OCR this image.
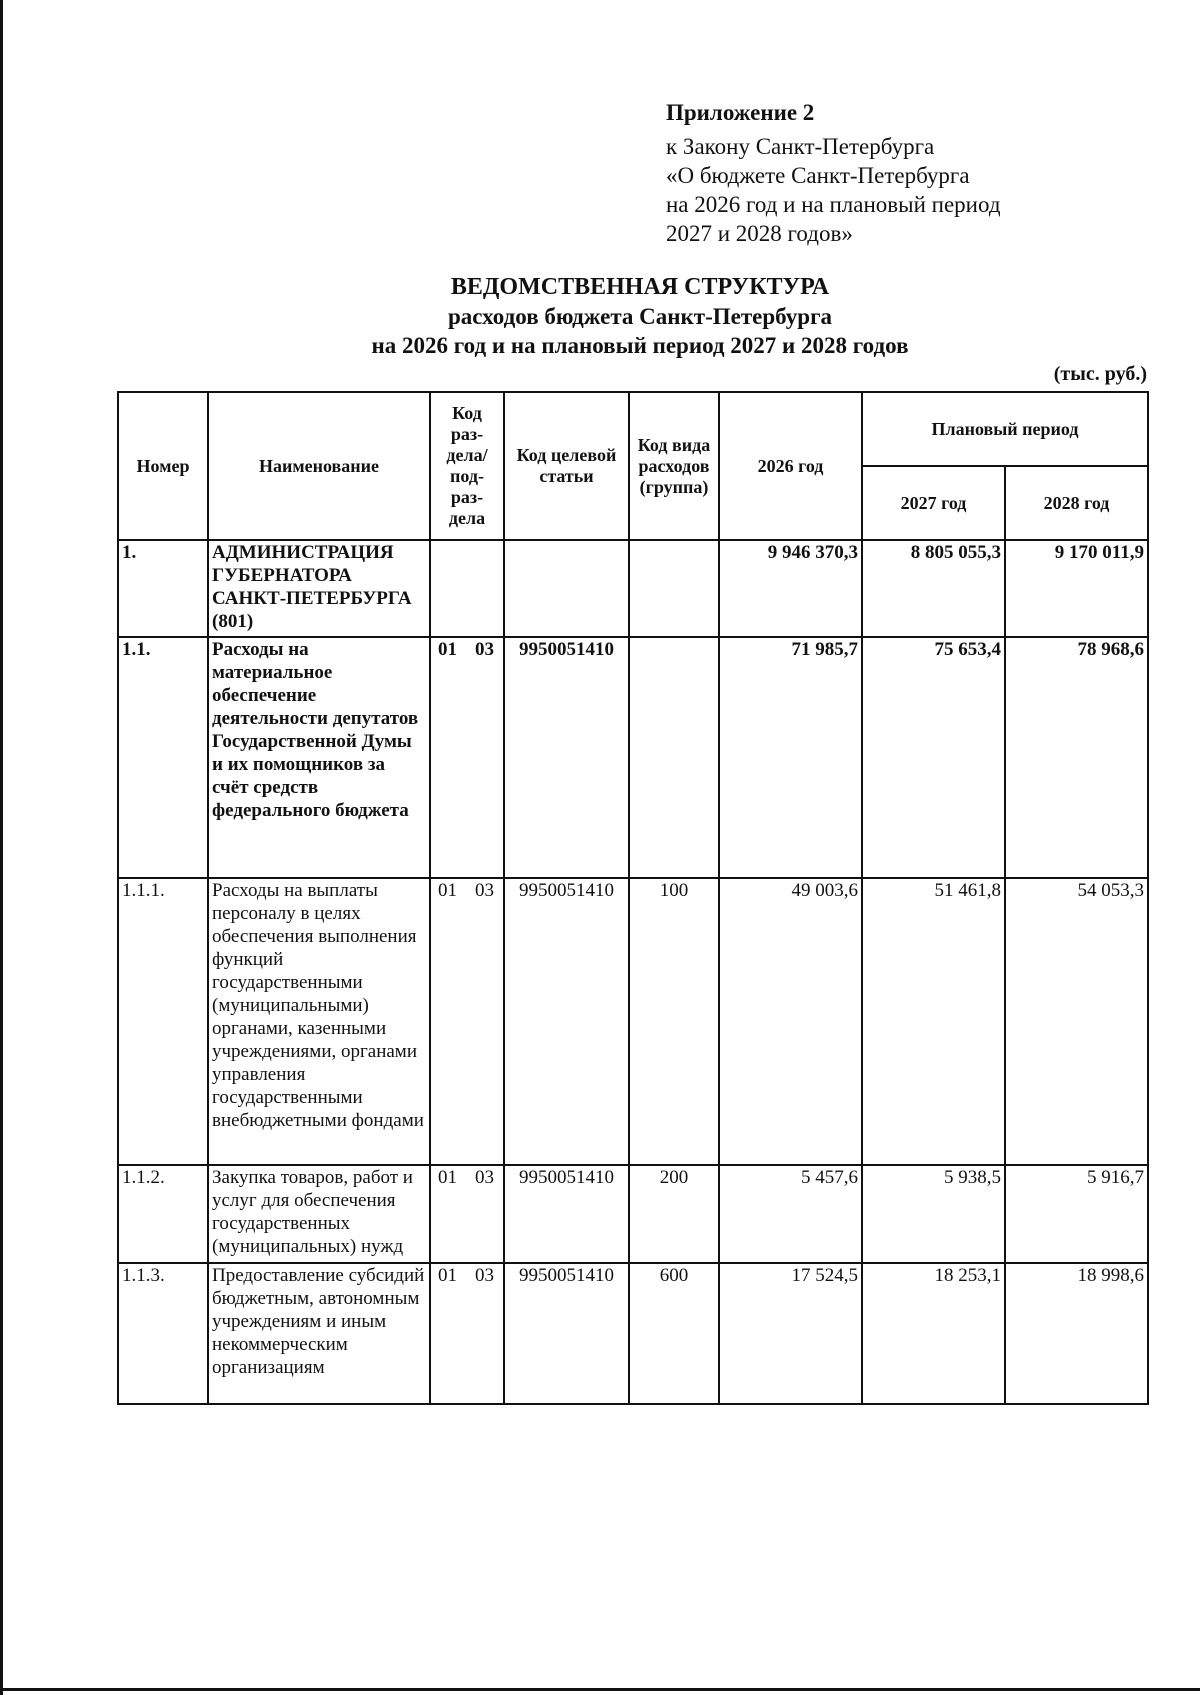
Приложение 2
к Закону Санкт-Петербурга
«О бюджете Санкт-Петербурга
на 2026 год и на плановый период
2027 и 2028 годов»
ВЕДОМСТВЕННАЯ СТРУКТУРА
расходов бюджета Санкт-Петербурга
на 2026 год и на плановый период 2027 и 2028 годов
(тыс. руб.)
Номер	Наименование	Код раз- дела/ под- раз- дела	Код целевой статьи	Код вида расходов (группа)	2026 год	Плановый период	
						2027 год	2028 год
1.	АДМИНИСТРАЦИЯ ГУБЕРНАТОРА САНКТ-ПЕТЕРБУРГА (801)				9 946 370,3	8 805 055,3	9 170 011,9
1.1.	Расходы на материальное обеспечение деятельности депутатов Государственной Думы и их помощников за счёт средств федерального бюджета	01 03	9950051410		71 985,7	75 653,4	78 968,6
1.1.1.	Расходы на выплаты персоналу в целях обеспечения выполнения функций государственными (муниципальными) органами, казенными учреждениями, органами управления государственными внебюджетными фондами	01 03	9950051410	100	49 003,6	51 461,8	54 053,3
1.1.2.	Закупка товаров, работ и услуг для обеспечения государственных (муниципальных) нужд	01 03	9950051410	200	5 457,6	5 938,5	5 916,7
1.1.3.	Предоставление субсидий бюджетным, автономным учреждениям и иным некоммерческим организациям	01 03	9950051410	600	17 524,5	18 253,1	18 998,6
